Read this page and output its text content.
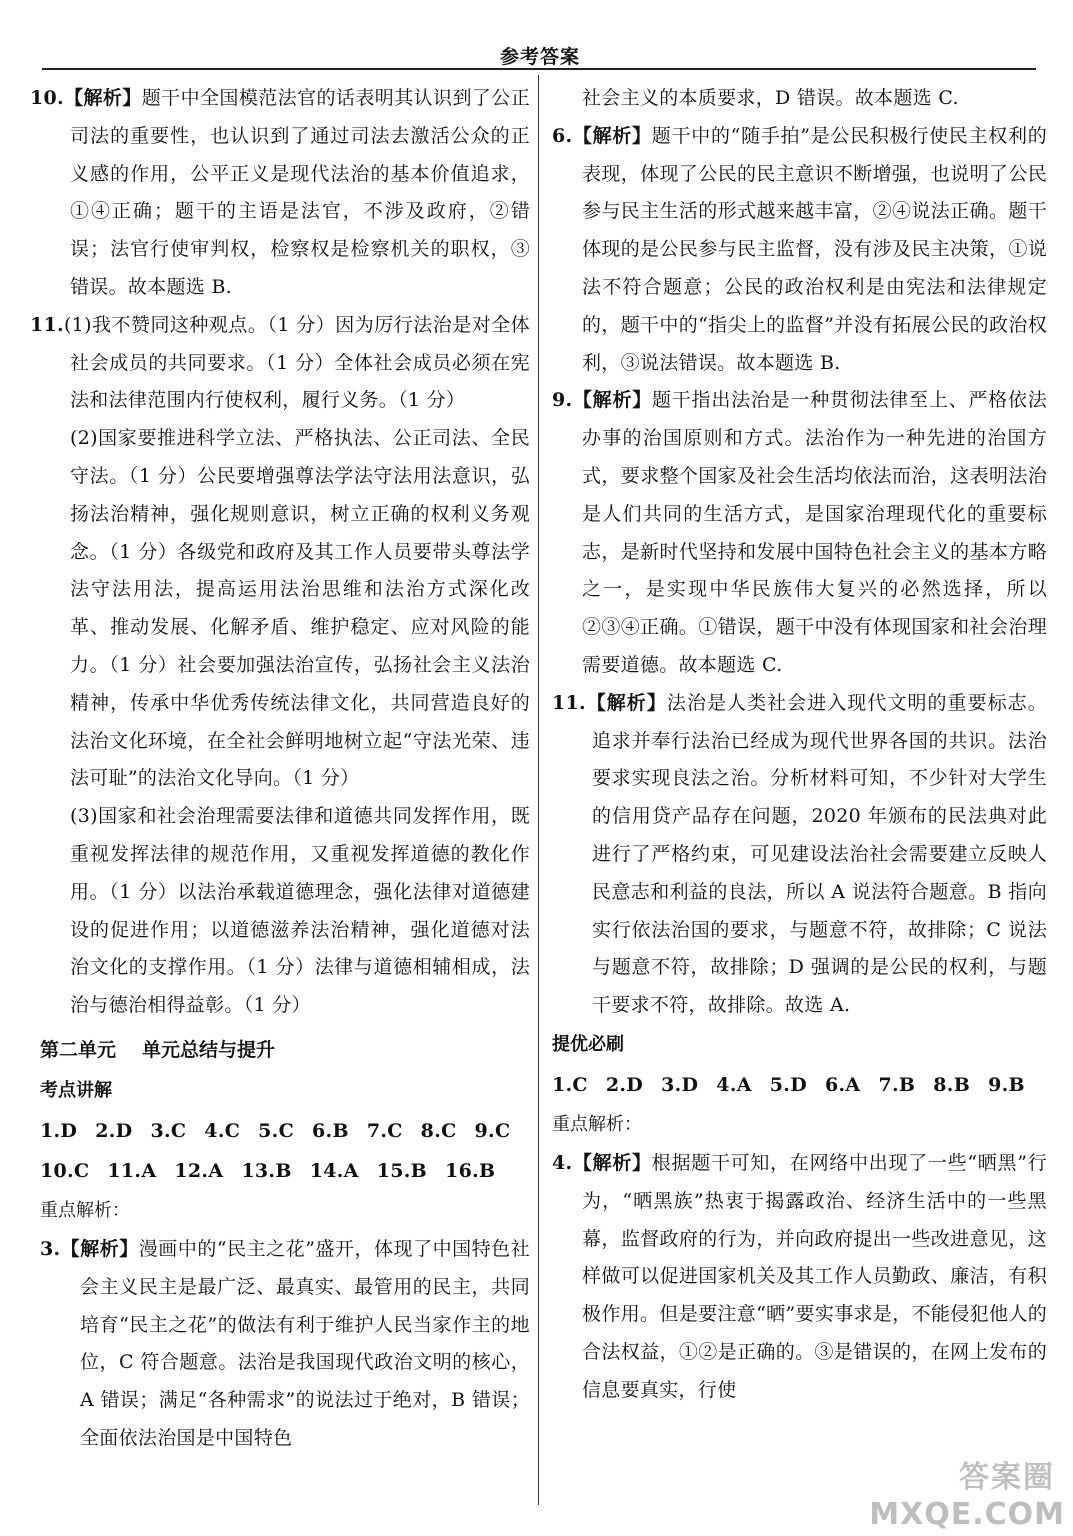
参考答案

10.【解析】题干中全国模范法官的话表明其认识到了公正司法的重要性，也认识到了通过司法去激活公众的正义感的作用，公平正义是现代法治的基本价值追求，①④正确；题干的主语是法官，不涉及政府，②错误；法官行使审判权，检察权是检察机关的职权，③错误。故本题选 B.

11.(1)我不赞同这种观点。（1 分）因为厉行法治是对全体社会成员的共同要求。（1 分）全体社会成员必须在宪法和法律范围内行使权利，履行义务。（1 分）

(2)国家要推进科学立法、严格执法、公正司法、全民守法。（1 分）公民要增强尊法学法守法用法意识，弘扬法治精神，强化规则意识，树立正确的权利义务观念。（1 分）各级党和政府及其工作人员要带头尊法学法守法用法，提高运用法治思维和法治方式深化改革、推动发展、化解矛盾、维护稳定、应对风险的能力。（1 分）社会要加强法治宣传，弘扬社会主义法治精神，传承中华优秀传统法律文化，共同营造良好的法治文化环境，在全社会鲜明地树立起“守法光荣、违法可耻”的法治文化导向。（1 分）

(3)国家和社会治理需要法律和道德共同发挥作用，既重视发挥法律的规范作用，又重视发挥道德的教化作用。（1 分）以法治承载道德理念，强化法律对道德建设的促进作用；以道德滋养法治精神，强化道德对法治文化的支撑作用。（1 分）法律与道德相辅相成，法治与德治相得益彰。（1 分）

第二单元 单元总结与提升
考点讲解
1.D 2.D 3.C 4.C 5.C 6.B 7.C 8.C 9.C
10.C 11.A 12.A 13.B 14.A 15.B 16.B
重点解析：

3.【解析】漫画中的“民主之花”盛开，体现了中国特色社会主义民主是最广泛、最真实、最管用的民主，共同培育“民主之花”的做法有利于维护人民当家作主的地位，C 符合题意。法治是我国现代政治文明的核心，A 错误；满足“各种需求”的说法过于绝对，B 错误；全面依法治国是中国特色

社会主义的本质要求，D 错误。故本题选 C.

6.【解析】题干中的“随手拍”是公民积极行使民主权利的表现，体现了公民的民主意识不断增强，也说明了公民参与民主生活的形式越来越丰富，②④说法正确。题干体现的是公民参与民主监督，没有涉及民主决策，①说法不符合题意；公民的政治权利是由宪法和法律规定的，题干中的“指尖上的监督”并没有拓展公民的政治权利，③说法错误。故本题选 B.

9.【解析】题干指出法治是一种贯彻法律至上、严格依法办事的治国原则和方式。法治作为一种先进的治国方式，要求整个国家及社会生活均依法而治，这表明法治是人们共同的生活方式，是国家治理现代化的重要标志，是新时代坚持和发展中国特色社会主义的基本方略之一，是实现中华民族伟大复兴的必然选择，所以②③④正确。①错误，题干中没有体现国家和社会治理需要道德。故本题选 C.

11.【解析】法治是人类社会进入现代文明的重要标志。追求并奉行法治已经成为现代世界各国的共识。法治要求实现良法之治。分析材料可知，不少针对大学生的信用贷产品存在问题，2020 年颁布的民法典对此进行了严格约束，可见建设法治社会需要建立反映人民意志和利益的良法，所以 A 说法符合题意。B 指向实行依法治国的要求，与题意不符，故排除；C 说法与题意不符，故排除；D 强调的是公民的权利，与题干要求不符，故排除。故选 A.

提优必刷
1.C 2.D 3.D 4.A 5.D 6.A 7.B 8.B 9.B
重点解析：

4.【解析】根据题干可知，在网络中出现了一些“晒黑”行为，“晒黑族”热衷于揭露政治、经济生活中的一些黑幕，监督政府的行为，并向政府提出一些改进意见，这样做可以促进国家机关及其工作人员勤政、廉洁，有积极作用。但是要注意“晒”要实事求是，不能侵犯他人的合法权益，①②是正确的。③是错误的，在网上发布的信息要真实，行使

答案圈
MXQE.COM
